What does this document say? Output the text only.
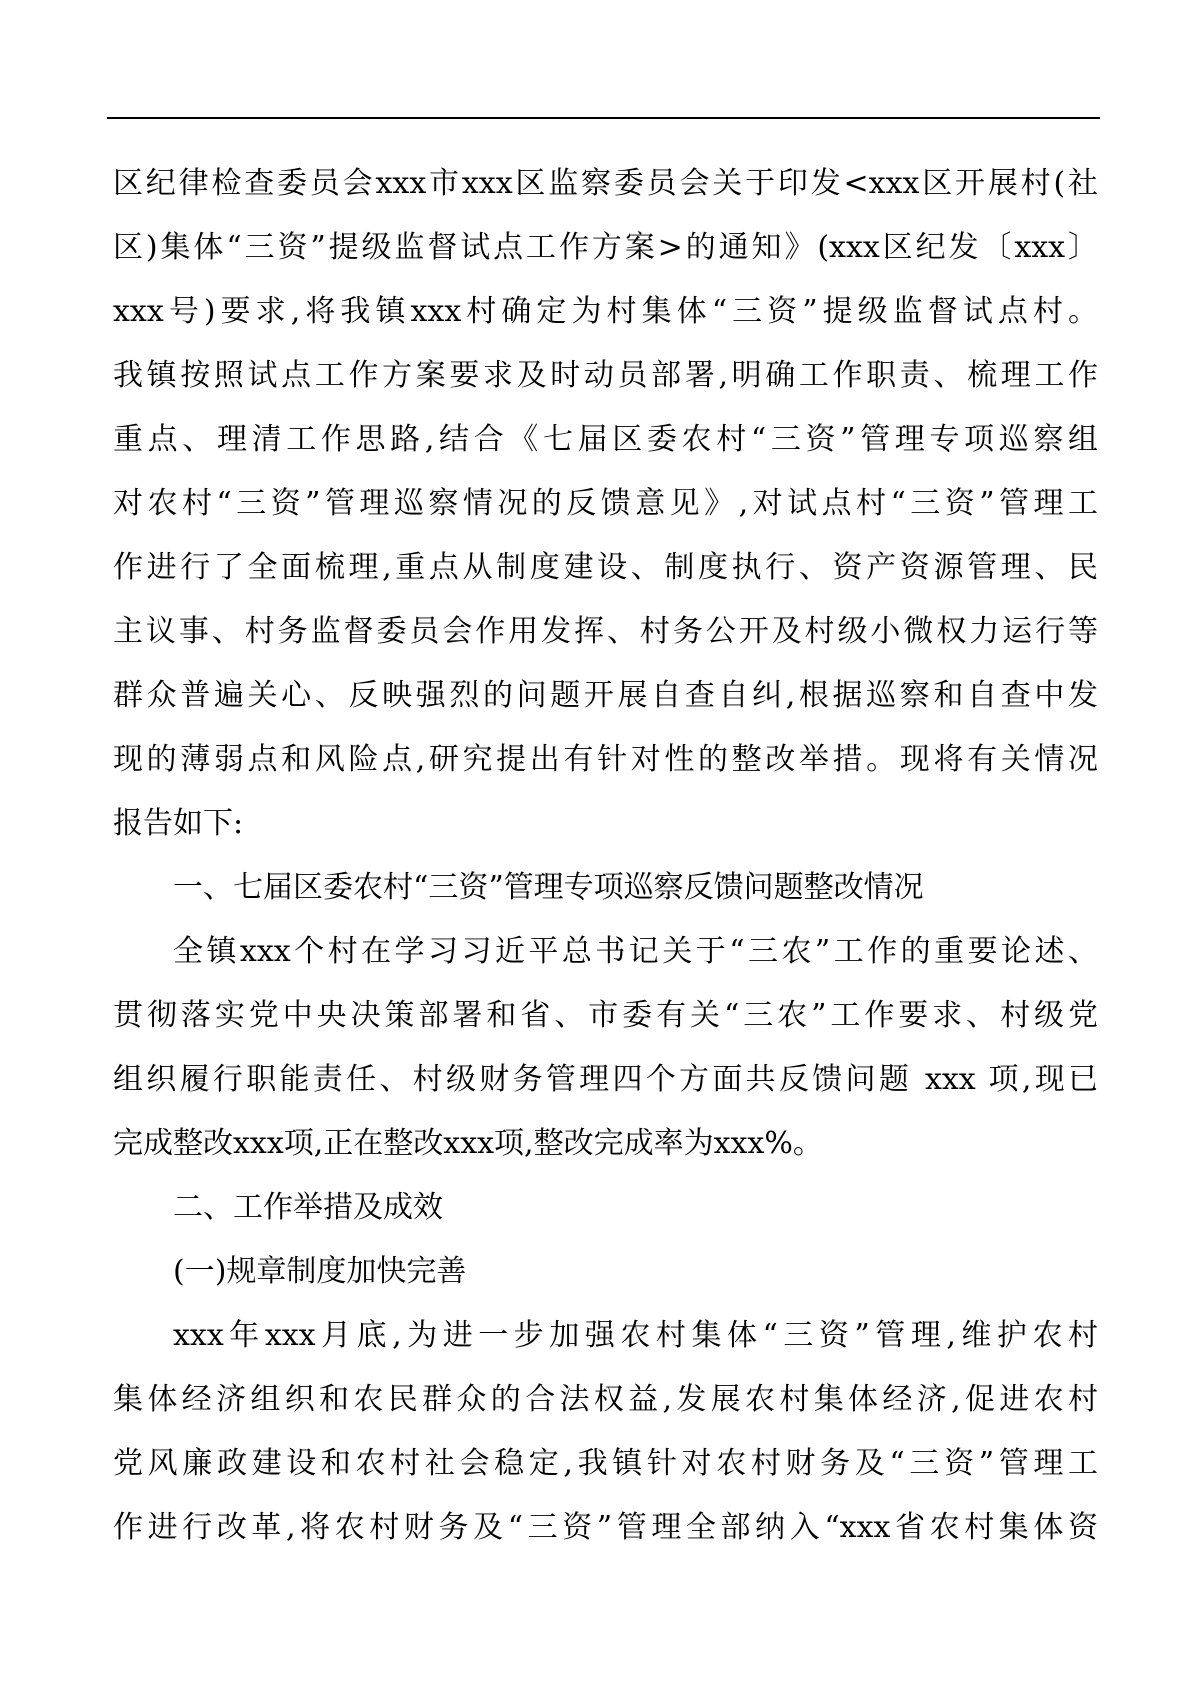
区纪律检查委员会xxx市xxx区监察委员会关于印发<xxx区开展村(社
区)集体“三资”提级监督试点工作方案>的通知》(xxx区纪发〔xxx〕
xxx号)要求,将我镇xxx村确定为村集体“三资”提级监督试点村。
我镇按照试点工作方案要求及时动员部署,明确工作职责、梳理工作
重点、理清工作思路,结合《七届区委农村“三资”管理专项巡察组
对农村“三资”管理巡察情况的反馈意见》,对试点村“三资”管理工
作进行了全面梳理,重点从制度建设、制度执行、资产资源管理、民
主议事、村务监督委员会作用发挥、村务公开及村级小微权力运行等
群众普遍关心、反映强烈的问题开展自查自纠,根据巡察和自查中发
现的薄弱点和风险点,研究提出有针对性的整改举措。现将有关情况
报告如下:
一、七届区委农村“三资”管理专项巡察反馈问题整改情况
全镇xxx个村在学习习近平总书记关于“三农”工作的重要论述、
贯彻落实党中央决策部署和省、市委有关“三农”工作要求、村级党
组织履行职能责任、村级财务管理四个方面共反馈问题 xxx 项,现已
完成整改xxx项,正在整改xxx项,整改完成率为xxx%。
二、工作举措及成效
(一)规章制度加快完善
xxx年xxx月底,为进一步加强农村集体“三资”管理,维护农村
集体经济组织和农民群众的合法权益,发展农村集体经济,促进农村
党风廉政建设和农村社会稳定,我镇针对农村财务及“三资”管理工
作进行改革,将农村财务及“三资”管理全部纳入“xxx省农村集体资
